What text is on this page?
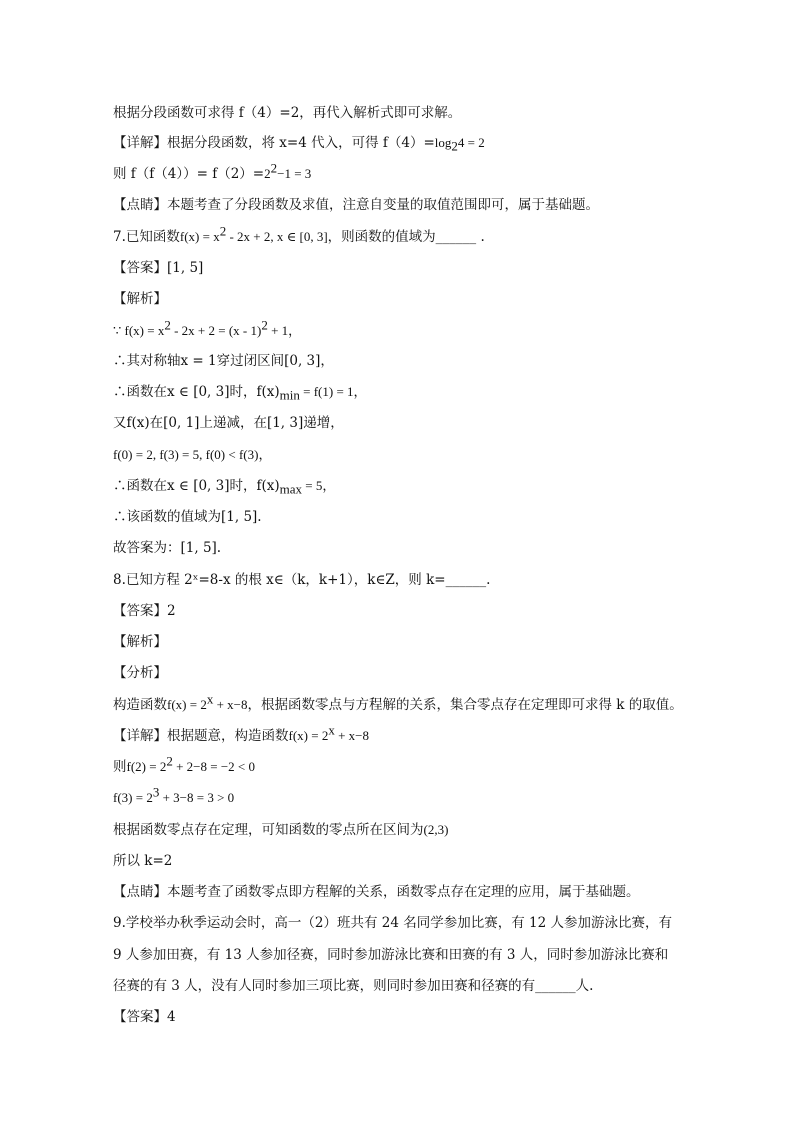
根据分段函数可求得 f（4）=2，再代入解析式即可求解。
【详解】根据分段函数，将 x=4 代入，可得 $f(4)=\log_24 = 2$
则 $f(f(4))= f(2)=2^2-1 = 3$
【点睛】本题考查了分段函数及求值，注意自变量的取值范围即可，属于基础题。
7.已知函数$f(x) = x^2 - 2x + 2$, x ∈ [0, 3]，则函数的值域为______ .
【答案】[1, 5]
【解析】
∵ $f(x) = x^2 - 2x + 2 = (x - 1)^2 + 1$，
∴其对称轴x = 1穿过闭区间[0, 3]，
∴函数在x ∈ [0, 3]时，$f(x)_{min} = f(1) = 1$，
又f(x)在[0, 1]上递减，在[1, 3]递增，
f(0) = 2, f(3) = 5, f(0) < f(3)，
∴函数在x ∈ [0, 3]时，$f(x)_{max} = 5$，
∴该函数的值域为[1, 5].
故答案为：[1, 5].
8.已知方程 2ˣ=8-x 的根 x∈（k，k+1），k∈Z，则 k=______.
【答案】2
【解析】
【分析】
构造函数$f(x) = 2^x + x-8$，根据函数零点与方程解的关系，集合零点存在定理即可求得 k 的取值。
【详解】根据题意，构造函数$f(x) = 2^x + x-8$
则$f(2) = 2^2 + 2-8 = -2 < 0$
$f(3) = 2^3 + 3-8 = 3 > 0$
根据函数零点存在定理，可知函数的零点所在区间为(2,3)
所以 k=2
【点睛】本题考查了函数零点即方程解的关系，函数零点存在定理的应用，属于基础题。
9.学校举办秋季运动会时，高一（2）班共有 24 名同学参加比赛，有 12 人参加游泳比赛，有
9 人参加田赛，有 13 人参加径赛，同时参加游泳比赛和田赛的有 3 人，同时参加游泳比赛和
径赛的有 3 人，没有人同时参加三项比赛，则同时参加田赛和径赛的有______人.
【答案】4
